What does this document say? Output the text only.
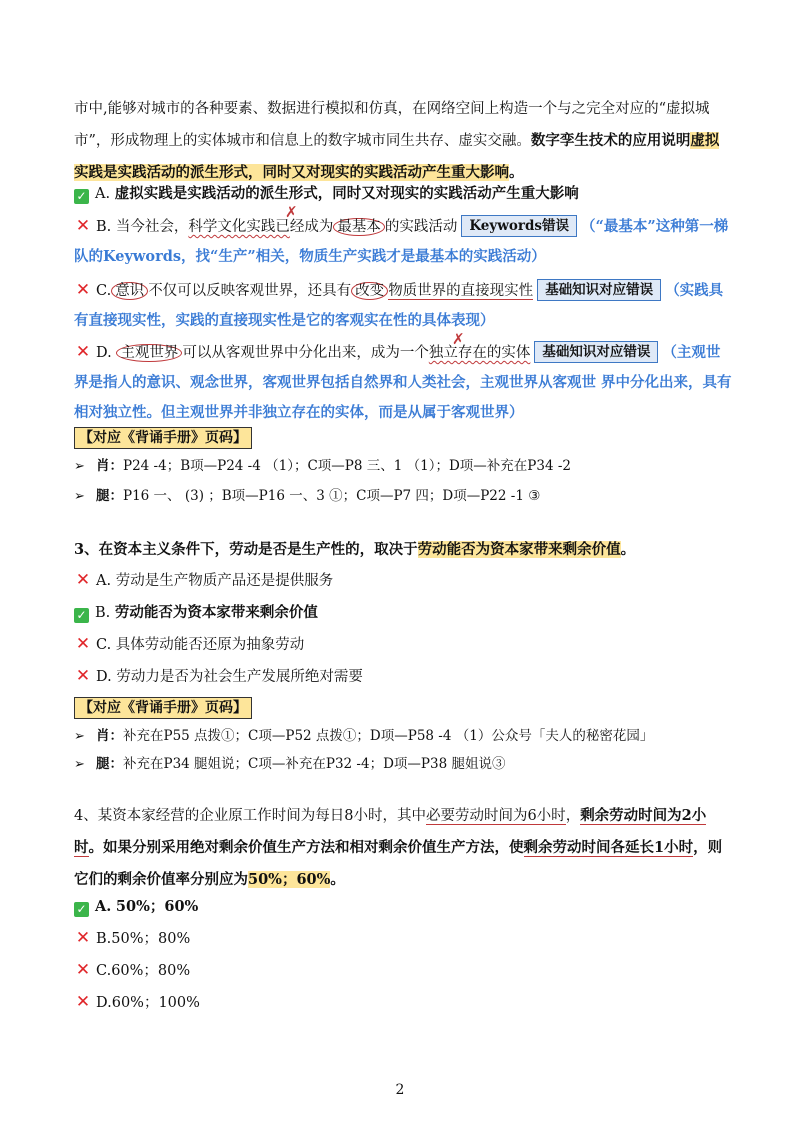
市中,能够对城市的各种要素、数据进行模拟和仿真，在网络空间上构造一个与之完全对应的“虚拟城市”，形成物理上的实体城市和信息上的数字城市同生共存、虚实交融。数字孪生技术的应用说明虚拟实践是实践活动的派生形式，同时又对现实的实践活动产生重大影响。
✓ A. 虚拟实践是实践活动的派生形式，同时又对现实的实践活动产生重大影响
✕ B. 当今社会，科学文化实践已经成为 最基本 的实践活动 Keywords错误 （“最基本”这种第一梯队的Keywords，找“生产”相关，物质生产实践才是最基本的实践活动）
✗
✕ C. 意识 不仅可以反映客观世界，还具有 改变 物质世界的直接现实性 基础知识对应错误 （实践具有直接现实性，实践的直接现实性是它的客观实在性的具体表现）
✕ D. 主观世界 可以从客观世界中分化出来，成为一个独立存在的实体 基础知识对应错误 （主观世界是指人的意识、观念世界，客观世界包括自然界和人类社会，主观世界从客观世 界中分化出来，具有相对独立性。但主观世界并非独立存在的实体，而是从属于客观世界）
✗
【对应《背诵手册》页码】
➢ 肖：P24 -4；B项—P24 -4 （1）；C项—P8 三、1 （1）；D项—补充在P34 -2
➢ 腿：P16 一、 (3) ；B项—P16 一、3 ①；C项—P7 四；D项—P22 -1 ③
3、在资本主义条件下，劳动是否是生产性的，取决于劳动能否为资本家带来剩余价值。
✕ A. 劳动是生产物质产品还是提供服务
✓ B. 劳动能否为资本家带来剩余价值
✕ C. 具体劳动能否还原为抽象劳动
✕ D. 劳动力是否为社会生产发展所绝对需要
【对应《背诵手册》页码】
➢ 肖：补充在P55 点拨①；C项—P52 点拨①；D项—P58 -4 （1）公众号「夫人的秘密花园」
➢ 腿：补充在P34 腿姐说；C项—补充在P32 -4；D项—P38 腿姐说③
4、某资本家经营的企业原工作时间为每日8小时，其中必要劳动时间为6小时，剩余劳动时间为2小时。如果分别采用绝对剩余价值生产方法和相对剩余价值生产方法，使剩余劳动时间各延长1小时，则它们的剩余价值率分别应为50%；60%。
✓ A. 50%；60%
✕ B.50%；80%
✕ C.60%；80%
✕ D.60%；100%
2
